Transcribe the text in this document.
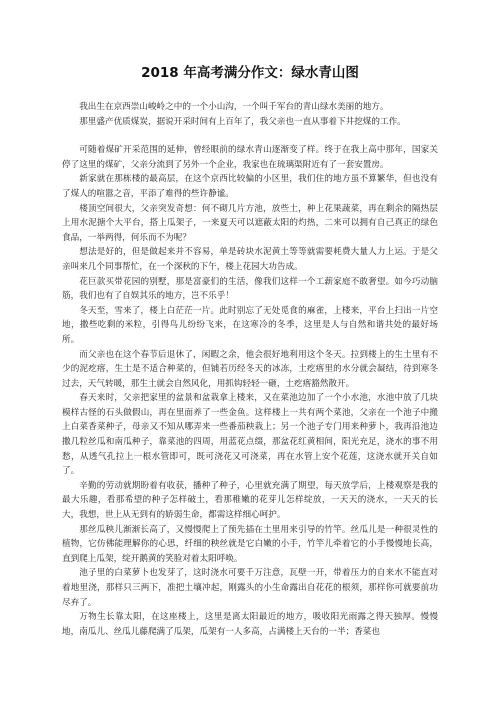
2018 年高考满分作文：绿水青山图

我出生在京西崇山峻岭之中的一个小山沟，一个叫千军台的青山绿水美丽的地方。

那里盛产优质煤炭，据说开采时间有上百年了，我父亲也一直从事着下井挖煤的工作。

可随着煤矿开采范围的延伸，曾经眼前的绿水青山逐渐变了样。终于在我上高中那年，国家关停了这里的煤矿，父亲分流到了另外一个企业，我家也在琉璃渠附近有了一套安置房。

新家就在那栋楼的最高层，在这个京西比较偏的小区里，我们住的地方虽不算繁华，但也没有了煤人的喧嚣之音，平添了难得的些许静谧。

楼顶空间很大，父亲突发奇想：何不砌几片方池，放些土，种上花果蔬菜，再在剩余的隔热层上用水泥搪个大平台，搭上瓜架子，一来夏天可以遮蔽太阳的灼热，二来可以拥有自己真正的绿色食品，一举两得，何乐而不为呢？

想法是好的，但是做起来并不容易，单是砖块水泥黄土等等就需要耗费大量人力上运。于是父亲叫来几个同事帮忙，在一个深秋的下午，楼上花园大功告成。

花巨款买带花园的别墅，那是富豪们的生活，像我们这样一个工薪家庭不敢奢望。如今巧动脑筋，我们也有了自娱其乐的地方，岂不乐乎！

冬天至，雪来了，楼上白茫茫一片。此时别忘了无处觅食的麻雀，上楼来，平台上扫出一片空地，撒些吃剩的米粒，引得鸟儿纷纷飞来，在这寒冷的冬季，这里是人与自然和谐共处的最好场所。

而父亲也在这个春节后退休了，闲暇之余，他会很好地利用这个冬天。拉到楼上的生土里有不少的泥疙瘩，生土是不适合种菜的，但铺若历经冬天的冰冻，土疙瘩里的水分就会凝结，待到寒冬过去，天气转暖，那生土就会自然风化，用抓钩轻轻一砸，土疙瘩豁然散开。

春天来时，父亲把家里的盆景和盆栽拿上楼来，又在菜池边加了一个小水池，水池中放了几块模样古怪的石头做假山，再在里面养了一些金鱼。这样楼上一共有两个菜池，父亲在一个池子中搬上白菜香菜种子，母亲又不知从哪弄来一些番茄秧栽上；另一个池子专门用来种萝卜，我再沿池边撒几粒丝瓜和南瓜种子，靠菜池的四周，用蓝花点缀，那盆花红黄相间，阳光充足，浇水的事不用愁，从透气孔拉上一根水管即可，既可浇花又可浇菜，再在水管上安个花莲，这浇水就开关自如了。

辛勤的劳动就期盼着有收获，播种了种子，心里就充满了期望，每天放学后，上楼观察是我的最大乐趣，看那希望的种子怎样破土，看那稚嫩的花芽儿怎样绽放，一天天的浇水，一天天的长大，我想，世上从无到有的娇弱生命，都需这样细心呵护。

那丝瓜秧儿渐渐长高了，又慢慢爬上了预先插在土里用来引导的竹竿。丝瓜儿是一种很灵性的植物，它仿佛能理解你的心思，纤细的秧丝就是它白嫩的小手，竹竿儿牵着它的小手慢慢地长高，直到爬上瓜架，绽开鹅黄的笑脸对着太阳呼唤。

池子里的白菜萝卜也发芽了，这时浇水可要千万注意，瓦壁一开，带着压力的自来水不能直对着地里浇，那样只三两下，准把土壤冲起，刚露头的小生命露出自花花的根须，那样你可就要前功尽弃了。

万物生长靠太阳，在这座楼上，这里是离太阳最近的地方，吸收阳光雨露之得天独厚。慢慢地，南瓜儿、丝瓜儿藤爬满了瓜架，瓜架有一人多高，占满楼上天台的一半；香菜也
